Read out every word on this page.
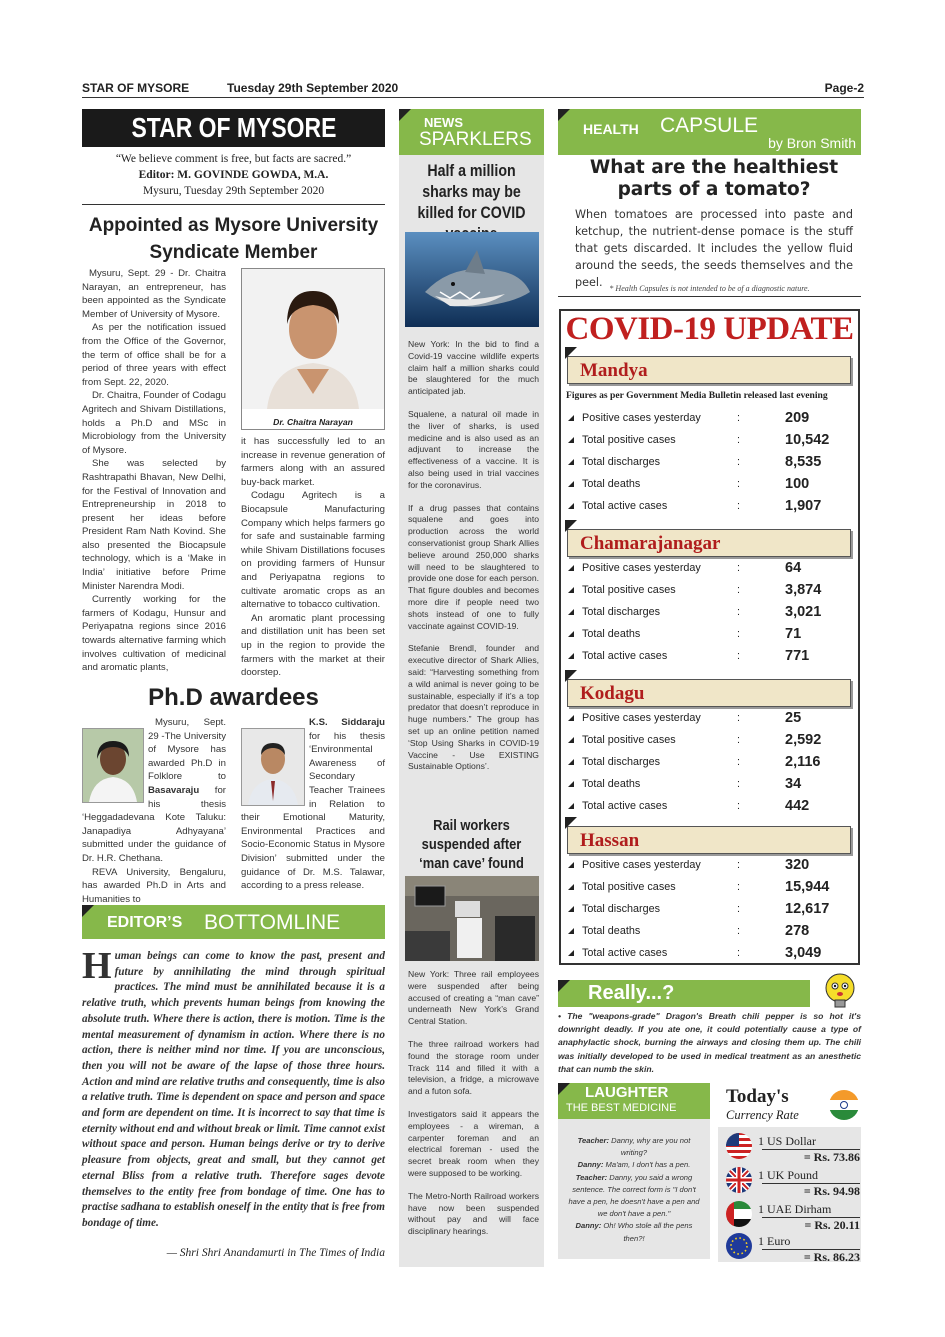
STAR OF MYSORE	Tuesday 29th September 2020	Page-2
STAR OF MYSORE
“We believe comment is free, but facts are sacred.”
Editor: M. GOVINDE GOWDA, M.A.
Mysuru, Tuesday 29th September 2020
Appointed as Mysore University
Syndicate Member

Mysuru, Sept. 29 - Dr. Chaitra Narayan, an entrepreneur, has been appointed as the Syndicate Member of University of Mysore.

As per the notification issued from the Office of the Governor, the term of office shall be for a period of three years with effect from Sept. 22, 2020.

Dr. Chaitra, Founder of Codagu Agritech and Shivam Distillations, holds a Ph.D and MSc in Microbiology from the University of Mysore.

She was selected by Rashtrapathi Bhavan, New Delhi, for the Festival of Innovation and Entrepreneurship in 2018 to present her ideas before President Ram Nath Kovind. She also presented the Biocapsule technology, which is a ‘Make in India’ initiative before Prime Minister Narendra Modi.

Currently working for the farmers of Kodagu, Hunsur and Periyapatna regions since 2016 towards alternative farming which involves cultivation of medicinal and aromatic plants,

Dr. Chaitra Narayan

it has successfully led to an increase in revenue generation of farmers along with an assured buy-back market.

Codagu Agritech is a Biocapsule Manufacturing Company which helps farmers go for safe and sustainable farming while Shivam Distillations focuses on providing farmers of Hunsur and Periyapatna regions to cultivate aromatic crops as an alternative to tobacco cultivation.

An aromatic plant processing and distillation unit has been set up in the region to provide the farmers with the market at their doorstep.

Ph.D awardees

Mysuru, Sept. 29 -The University of Mysore has awarded Ph.D in Folklore to Basavaraju for his thesis ‘Heggadadevana Kote Taluku: Janapadiya Adhyayana’ submitted under the guidance of Dr. H.R. Chethana.

REVA University, Bengaluru, has awarded Ph.D in Arts and Humanities to

K.S. Siddaraju for his thesis ‘Environmental Awareness of Secondary Teacher Trainees in Relation to their Emotional Maturity, Environmental Practices and Socio-Economic Status in Mysore Division’ submitted under the guidance of Dr. M.S. Talawar, according to a press release.

EDITOR’S BOTTOMLINE
Human beings can come to know the past, present and future by annihilating the mind through spiritual practices. The mind must be annihilated because it is a relative truth, which prevents human beings from knowing the absolute truth. Where there is action, there is motion. Time is the mental measurement of dynamism in action. Where there is no action, there is neither mind nor time. If you are unconscious, then you will not be aware of the lapse of those three hours. Action and mind are relative truths and consequently, time is also a relative truth. Time is dependent on space and person and space and form are dependent on time. It is incorrect to say that time is eternity without end and without break or limit. Time cannot exist without space and person. Human beings derive or try to derive pleasure from objects, great and small, but they cannot get eternal Bliss from a relative truth. Therefore sages devote themselves to the entity free from bondage of time. One has to practise sadhana to establish oneself in the entity that is free from bondage of time.
— Shri Shri Anandamurti in The Times of India
NEWS
SPARKLERS
Half a million sharks may be killed for COVID

New York: In the bid to find a Covid-19 vaccine wildlife experts claim half a million sharks could be slaughtered for the much anticipated jab.

Squalene, a natural oil made in the liver of sharks, is used medicine and is also used as an adjuvant to increase the effectiveness of a vaccine. It is also being used in trial vaccines for the coronavirus.

If a drug passes that contains squalene and goes into production across the world conservationist group Shark Allies believe around 250,000 sharks will need to be slaughtered to provide one dose for each person. That figure doubles and becomes more dire if people need two shots instead of one to fully vaccinate against COVID-19.

Stefanie Brendl, founder and executive director of Shark Allies, said: “Harvesting something from a wild animal is never going to be sustainable, especially if it’s a top predator that doesn’t reproduce in huge numbers.” The group has set up an online petition named ‘Stop Using Sharks in COVID-19 Vaccine - Use EXISTING Sustainable Options’.

Rail workers suspended after ‘man cave’ found

New York: Three rail employees were suspended after being accused of creating a “man cave” underneath New York’s Grand Central Station.

The three railroad workers had found the storage room under Track 114 and filled it with a television, a fridge, a microwave and a futon sofa.

Investigators said it appears the employees - a wireman, a carpenter foreman and an electrical foreman - used the secret break room when they were supposed to be working.

The Metro-North Railroad workers have now been suspended without pay and will face disciplinary hearings.

HEALTH CAPSULE
by Bron Smith
What are the healthiest parts of a tomato?
When tomatoes are processed into paste and ketchup, the nutrient-dense pomace is the stuff that gets discarded. It includes the yellow fluid around the seeds, the seeds themselves and the peel. * Health Capsules is not intended to be of a diagnostic nature.
COVID-19 UPDATE
Figures as per Government Media Bulletin released last evening
Mandya
Positive cases yesterday	:	209
Total positive cases	:	10,542
Total discharges	:	8,535
Total deaths	:	100
Total active cases	:	1,907
Chamarajanagar
Positive cases yesterday	:	64
Total positive cases	:	3,874
Total discharges	:	3,021
Total deaths	:	71
Total active cases	:	771
Kodagu
Positive cases yesterday	:	25
Total positive cases	:	2,592
Total discharges	:	2,116
Total deaths	:	34
Total active cases	:	442
Hassan
Positive cases yesterday	:	320
Total positive cases	:	15,944
Total discharges	:	12,617
Total deaths	:	278
Total active cases	:	3,049
Really...?
• The "weapons-grade" Dragon's Breath chili pepper is so hot it's downright deadly. If you ate one, it could potentially cause a type of anaphylactic shock, burning the airways and closing them up. The chili was initially developed to be used in medical treatment as an anesthetic that can numb the skin.
LAUGHTER
THE BEST MEDICINE
Teacher: Danny, why are you not writing?
Danny: Ma'am, I don't has a pen.
Teacher: Danny, you said a wrong sentence. The correct form is "I don't have a pen, he doesn't have a pen and we don't have a pen."
Danny: Oh! Who stole all the pens then?!
Today's
Currency Rate
1 US Dollar
= Rs. 73.86
1 UK Pound
= Rs. 94.98
1 UAE Dirham
= Rs. 20.11
1 Euro
= Rs. 86.23
